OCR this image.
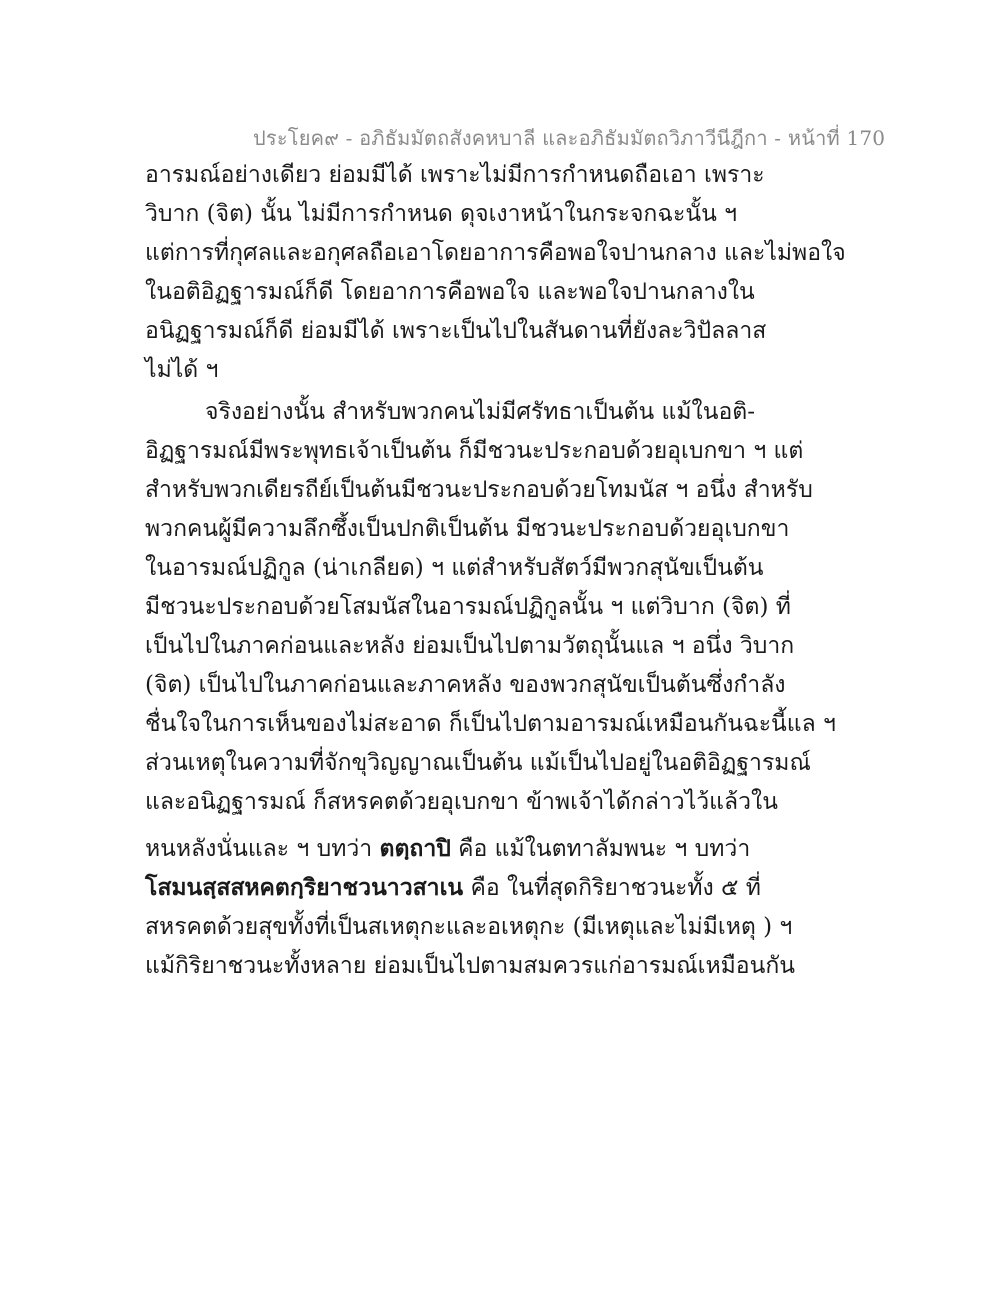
ประโยค๙ - อภิธัมมัตถสังคหบาลี และอภิธัมมัตถวิภาวีนีฎีกา - หน้าที่ 170
อารมณ์อย่างเดียว ย่อมมีได้ เพราะไม่มีการกำหนดถือเอา เพราะ
วิบาก (จิต) นั้น ไม่มีการกำหนด ดุจเงาหน้าในกระจกฉะนั้น ฯ
แต่การที่กุศลและอกุศลถือเอาโดยอาการคือพอใจปานกลาง และไม่พอใจ
ในอติอิฏฐารมณ์ก็ดี โดยอาการคือพอใจ และพอใจปานกลางใน
อนิฏฐารมณ์ก็ดี ย่อมมีได้ เพราะเป็นไปในสันดานที่ยังละวิปัลลาส
ไม่ได้ ฯ
จริงอย่างนั้น สำหรับพวกคนไม่มีศรัทธาเป็นต้น แม้ในอติ-
อิฏฐารมณ์มีพระพุทธเจ้าเป็นต้น ก็มีชวนะประกอบด้วยอุเบกขา ฯ แต่
สำหรับพวกเดียรถีย์เป็นต้นมีชวนะประกอบด้วยโทมนัส ฯ อนึ่ง สำหรับ
พวกคนผู้มีความลึกซึ้งเป็นปกติเป็นต้น มีชวนะประกอบด้วยอุเบกขา
ในอารมณ์ปฏิกูล (น่าเกลียด) ฯ แต่สำหรับสัตว์มีพวกสุนัขเป็นต้น
มีชวนะประกอบด้วยโสมนัสในอารมณ์ปฏิกูลนั้น ฯ แต่วิบาก (จิต) ที่
เป็นไปในภาคก่อนและหลัง ย่อมเป็นไปตามวัตถุนั้นแล ฯ อนึ่ง วิบาก
(จิต) เป็นไปในภาคก่อนและภาคหลัง ของพวกสุนัขเป็นต้นซึ่งกำลัง
ชื่นใจในการเห็นของไม่สะอาด ก็เป็นไปตามอารมณ์เหมือนกันฉะนี้แล ฯ
ส่วนเหตุในความที่จักขุวิญญาณเป็นต้น แม้เป็นไปอยู่ในอติอิฏฐารมณ์
และอนิฏฐารมณ์ ก็สหรคตด้วยอุเบกขา ข้าพเจ้าได้กล่าวไว้แล้วใน
หนหลังนั่นและ ฯ บทว่า ตตฺถาปิ คือ แม้ในตทาลัมพนะ ฯ บทว่า
โสมนสฺสสหคตกฺริยาชวนาวสาเน คือ ในที่สุดกิริยาชวนะทั้ง ๕ ที่
สหรคตด้วยสุขทั้งที่เป็นสเหตุกะและอเหตุกะ (มีเหตุและไม่มีเหตุ ) ฯ
แม้กิริยาชวนะทั้งหลาย ย่อมเป็นไปตามสมควรแก่อารมณ์เหมือนกัน
